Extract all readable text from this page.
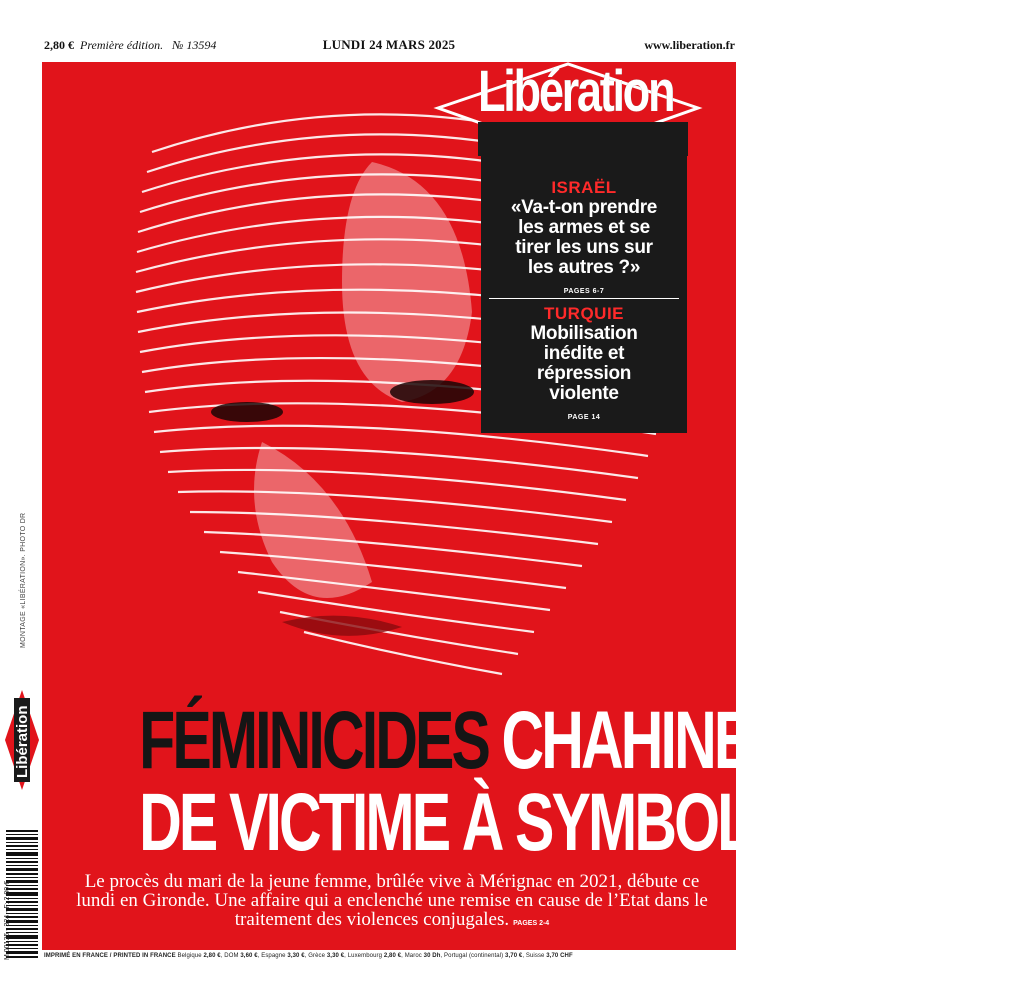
2,80 € Première édition. № 13594	LUNDI 24 MARS 2025	www.liberation.fr
Libération
ISRAËL
«Va-t-on prendre
les armes et se
tirer les uns sur
les autres ?»
PAGES 6-7
TURQUIE
Mobilisation
inédite et
répression
violente
PAGE 14
MONTAGE «LIBÉRATION». PHOTO DR
Libération
M 00135 - 324 - F: 2,80 €
FÉMINICIDES CHAHINEZ DAOUD,
DE VICTIME À SYMBOLE
Le procès du mari de la jeune femme, brûlée vive à Mérignac en 2021, débute ce lundi en Gironde. Une affaire qui a enclenché une remise en cause de l’Etat dans le traitement des violences conjugales. PAGES 2-4
IMPRIMÉ EN FRANCE / PRINTED IN FRANCE Belgique 2,80 €, DOM 3,60 €, Espagne 3,30 €, Grèce 3,30 €, Luxembourg 2,80 €, Maroc 30 Dh, Portugal (continental) 3,70 €, Suisse 3,70 CHF
